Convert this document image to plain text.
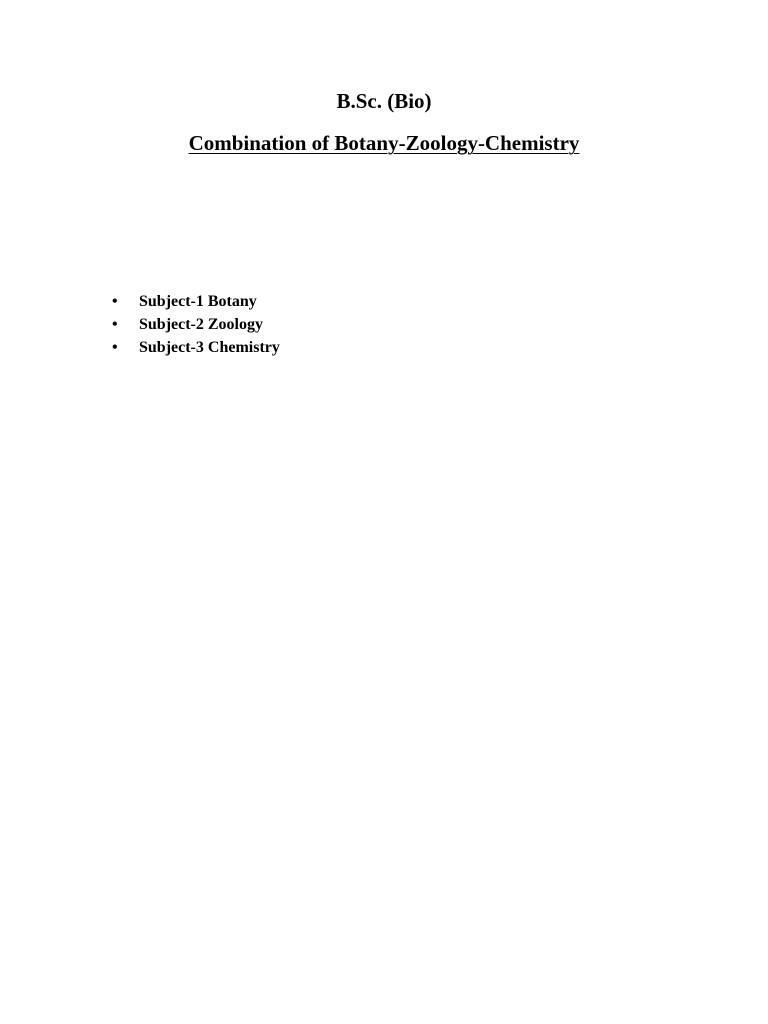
B.Sc. (Bio)
Combination of Botany-Zoology-Chemistry
•	Subject-1 Botany
•	Subject-2 Zoology
•	Subject-3 Chemistry
